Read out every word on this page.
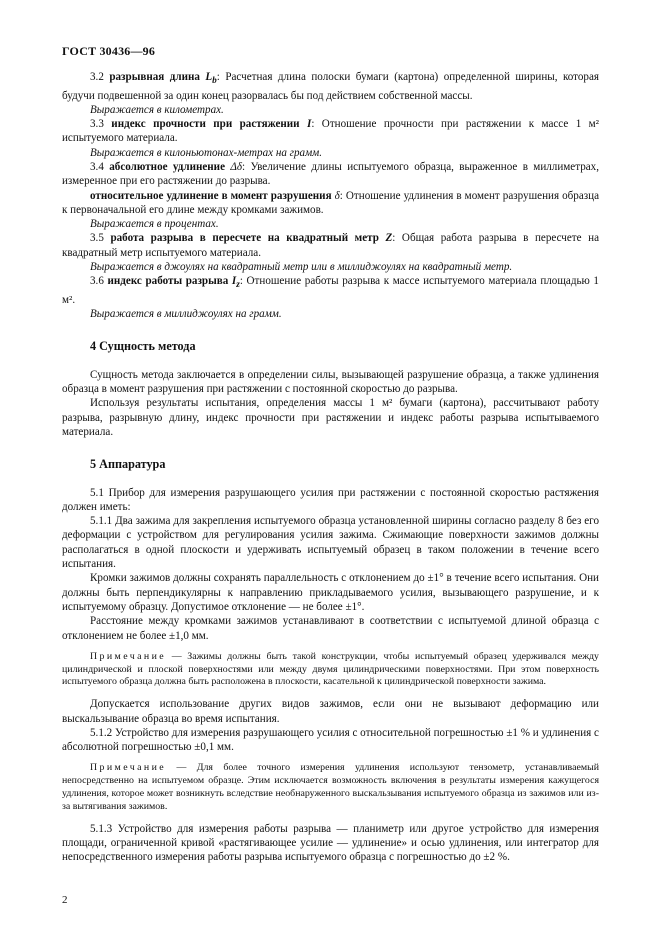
ГОСТ 30436—96

3.2 разрывная длина $L_b$: Расчетная длина полоски бумаги (картона) определенной ширины, которая будучи подвешенной за один конец разорвалась бы под действием собственной массы.

Выражается в километрах.

3.3 индекс прочности при растяжении I: Отношение прочности при растяжении к массе 1 м² испытуемого материала.

Выражается в килоньютонах-метрах на грамм.

3.4 абсолютное удлинение Δδ: Увеличение длины испытуемого образца, выраженное в миллиметрах, измеренное при его растяжении до разрыва.

относительное удлинение в момент разрушения δ: Отношение удлинения в момент разрушения образца к первоначальной его длине между кромками зажимов.

Выражается в процентах.

3.5 работа разрыва в пересчете на квадратный метр Z: Общая работа разрыва в пересчете на квадратный метр испытуемого материала.

Выражается в джоулях на квадратный метр или в миллиджоулях на квадратный метр.

3.6 индекс работы разрыва $I_z$: Отношение работы разрыва к массе испытуемого материала площадью 1 м².

Выражается в миллиджоулях на грамм.

4 Сущность метода

Сущность метода заключается в определении силы, вызывающей разрушение образца, а также удлинения образца в момент разрушения при растяжении с постоянной скоростью до разрыва.

Используя результаты испытания, определения массы 1 м² бумаги (картона), рассчитывают работу разрыва, разрывную длину, индекс прочности при растяжении и индекс работы разрыва испытываемого материала.

5 Аппаратура

5.1 Прибор для измерения разрушающего усилия при растяжении с постоянной скоростью растяжения должен иметь:

5.1.1 Два зажима для закрепления испытуемого образца установленной ширины согласно разделу 8 без его деформации с устройством для регулирования усилия зажима. Сжимающие поверхности зажимов должны располагаться в одной плоскости и удерживать испытуемый образец в таком положении в течение всего испытания.

Кромки зажимов должны сохранять параллельность с отклонением до ±1° в течение всего испытания. Они должны быть перпендикулярны к направлению прикладываемого усилия, вызывающего разрушение, и к испытуемому образцу. Допустимое отклонение — не более ±1°.

Расстояние между кромками зажимов устанавливают в соответствии с испытуемой длиной образца с отклонением не более ±1,0 мм.

Примечание — Зажимы должны быть такой конструкции, чтобы испытуемый образец удерживался между цилиндрической и плоской поверхностями или между двумя цилиндрическими поверхностями. При этом поверхность испытуемого образца должна быть расположена в плоскости, касательной к цилиндрической поверхности зажима.

Допускается использование других видов зажимов, если они не вызывают деформацию или выскальзывание образца во время испытания.

5.1.2 Устройство для измерения разрушающего усилия с относительной погрешностью ±1 % и удлинения с абсолютной погрешностью ±0,1 мм.

Примечание — Для более точного измерения удлинения используют тензометр, устанавливаемый непосредственно на испытуемом образце. Этим исключается возможность включения в результаты измерения кажущегося удлинения, которое может возникнуть вследствие необнаруженного выскальзывания испытуемого образца из зажимов или из-за вытягивания зажимов.

5.1.3 Устройство для измерения работы разрыва — планиметр или другое устройство для измерения площади, ограниченной кривой «растягивающее усилие — удлинение» и осью удлинения, или интегратор для непосредственного измерения работы разрыва испытуемого образца с погрешностью до ±2 %.

2
